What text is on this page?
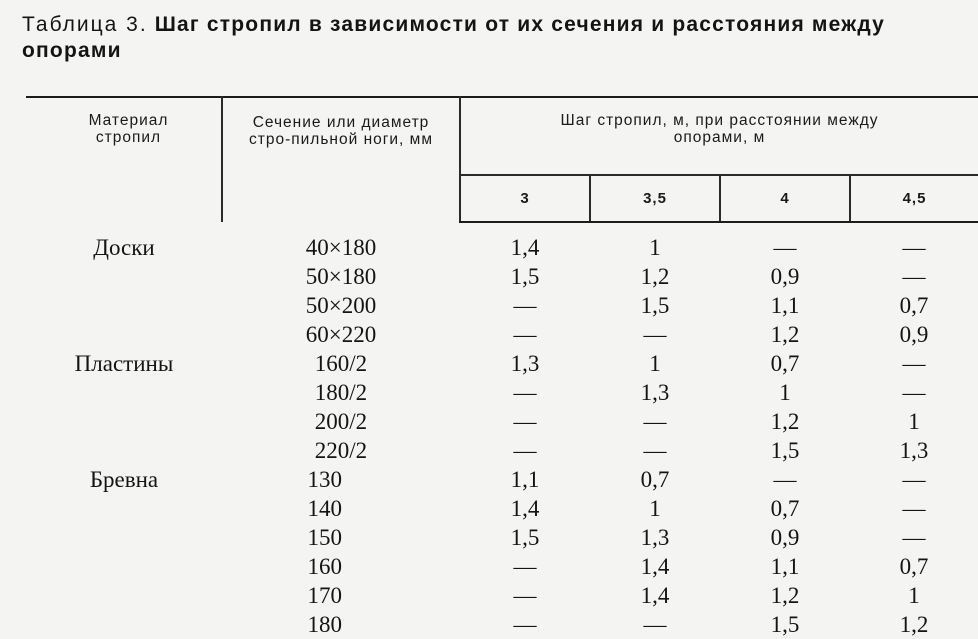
Таблица 3. Шаг стропил в зависимости от их сечения и расстояния между опорами
Материал стропил	Сечение или диаметр стро-пильной ноги, мм	Шаг стропил, м, при расстоянии между опорами, м			
		3	3,5	4	4,5
Доски	40×180	1,4	1	—	—
	50×180	1,5	1,2	0,9	—
	50×200	—	1,5	1,1	0,7
	60×220	—	—	1,2	0,9
Пластины	160/2	1,3	1	0,7	—
	180/2	—	1,3	1	—
	200/2	—	—	1,2	1
	220/2	—	—	1,5	1,3
Бревна	130	1,1	0,7	—	—
	140	1,4	1	0,7	—
	150	1,5	1,3	0,9	—
	160	—	1,4	1,1	0,7
	170	—	1,4	1,2	1
	180	—	—	1,5	1,2
